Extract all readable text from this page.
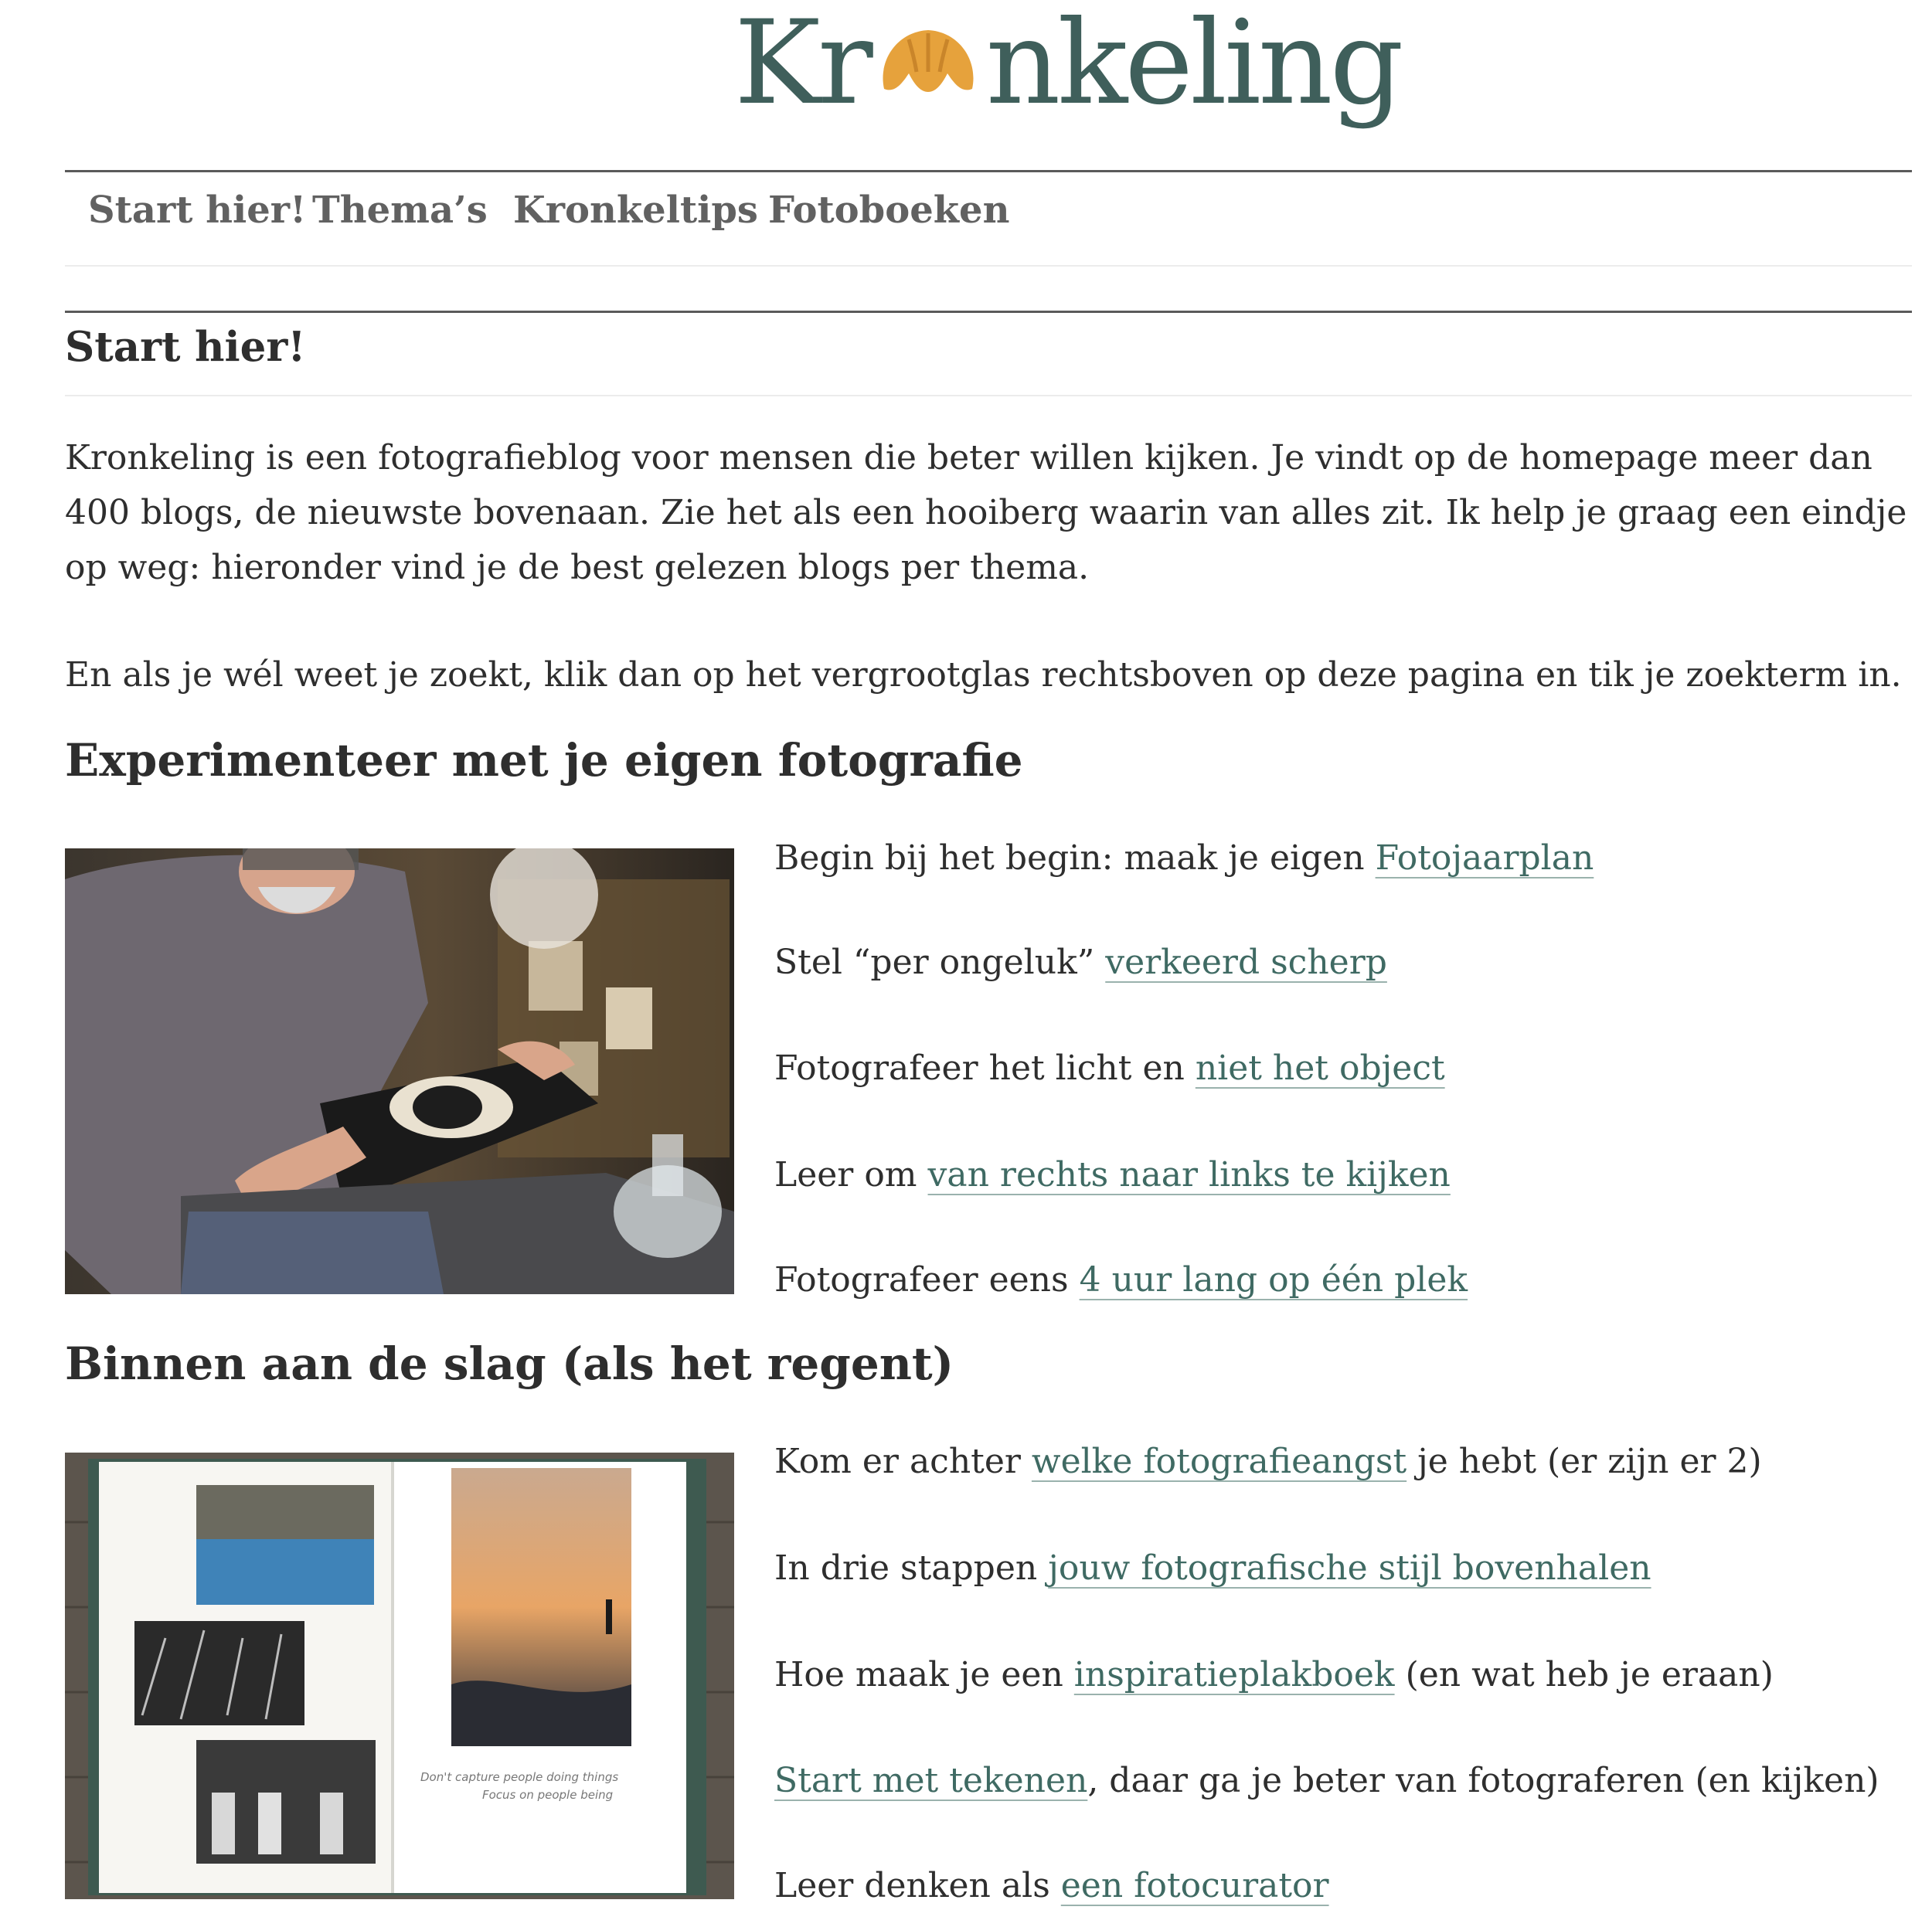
Kr nkeling
Start hier! Thema’s Kronkeltips Fotoboeken
Start hier!

Kronkeling is een fotografieblog voor mensen die beter willen kijken. Je vindt op de homepage meer dan 400 blogs, de nieuwste bovenaan. Zie het als een hooiberg waarin van alles zit. Ik help je graag een eindje op weg: hieronder vind je de best gelezen blogs per thema.

En als je wél weet je zoekt, klik dan op het vergrootglas rechtsboven op deze pagina en tik je zoekterm in.

Experimenteer met je eigen fotografie
Begin bij het begin: maak je eigen Fotojaarplan
Stel “per ongeluk” verkeerd scherp
Fotografeer het licht en niet het object
Leer om van rechts naar links te kijken
Fotografeer eens 4 uur lang op één plek
Binnen aan de slag (als het regent)
Don't capture people doing things
Focus on people being
Kom er achter welke fotografieangst je hebt (er zijn er 2)
In drie stappen jouw fotografische stijl bovenhalen
Hoe maak je een inspiratieplakboek (en wat heb je eraan)
Start met tekenen, daar ga je beter van fotograferen (en kijken)
Leer denken als een fotocurator
